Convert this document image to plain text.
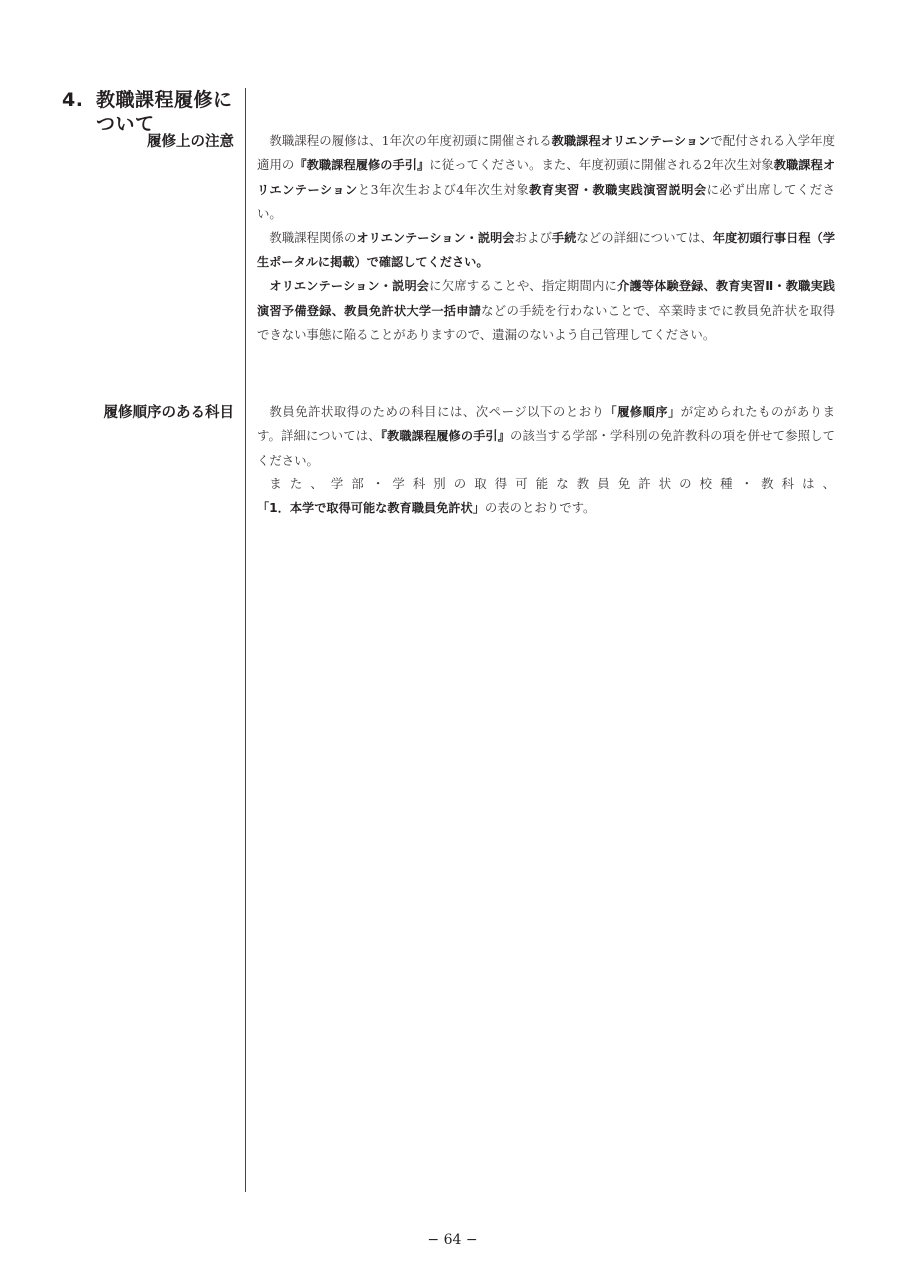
4. 教職課程履修に
ついて
履修上の注意	教職課程の履修は、1年次の年度初頭に開催される教職課程オリエンテーションで配付される入学年度適用の『教職課程履修の手引』に従ってください。また、年度初頭に開催される2年次生対象教職課程オリエンテーションと3年次生および4年次生対象教育実習・教職実践演習説明会に必ず出席してください。

教職課程関係のオリエンテーション・説明会および手続などの詳細については、年度初頭行事日程（学生ポータルに掲載）で確認してください。

オリエンテーション・説明会に欠席することや、指定期間内に介護等体験登録、教育実習Ⅱ・教職実践演習予備登録、教員免許状大学一括申請などの手続を行わないことで、卒業時までに教員免許状を取得できない事態に陥ることがありますので、遺漏のないよう自己管理してください。

履修順序のある科目	教員免許状取得のための科目には、次ページ以下のとおり「履修順序」が定められたものがあります。詳細については、『教職課程履修の手引』の該当する学部・学科別の免許教科の項を併せて参照してください。

また、学部・学科別の取得可能な教員免許状の校種・教科は、「1．本学で取得可能な教育職員免許状」の表のとおりです。

− 64 −
